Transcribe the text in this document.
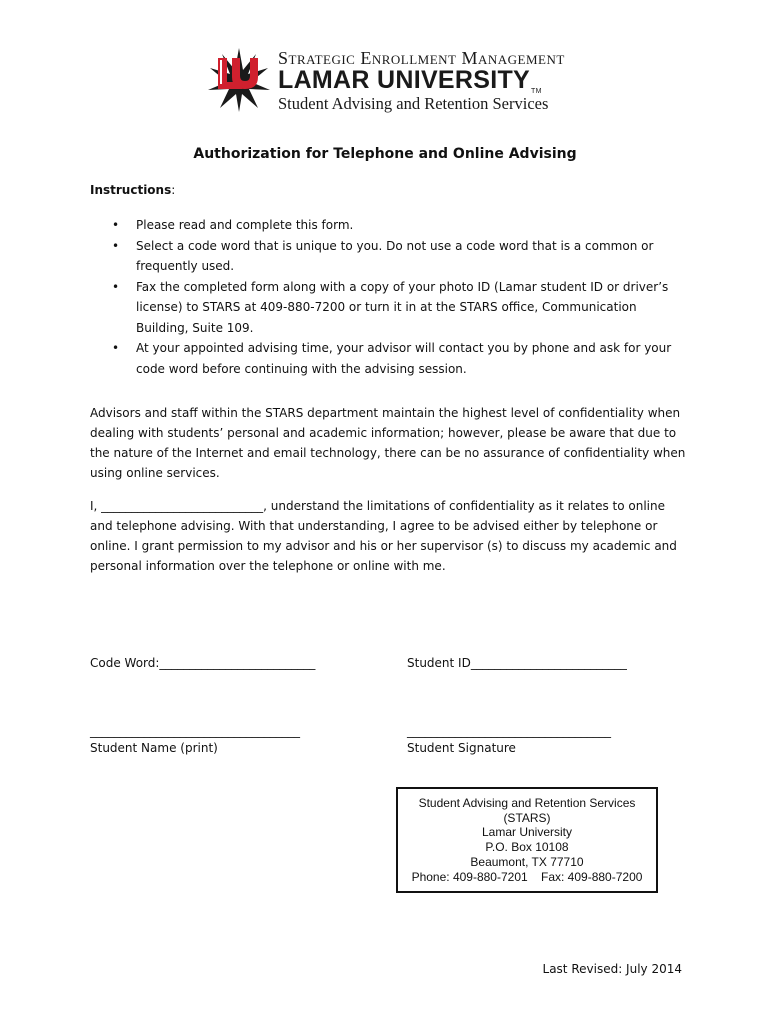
Strategic Enrollment Management
LAMAR UNIVERSITYTM
Student Advising and Retention Services
Authorization for Telephone and Online Advising
Instructions:
• Please read and complete this form.
• Select a code word that is unique to you. Do not use a code word that is a common or frequently used.
• Fax the completed form along with a copy of your photo ID (Lamar student ID or driver’s license) to STARS at 409-880-7200 or turn it in at the STARS office, Communication Building, Suite 109.
• At your appointed advising time, your advisor will contact you by phone and ask for your code word before continuing with the advising session.

Advisors and staff within the STARS department maintain the highest level of confidentiality when dealing with students’ personal and academic information; however, please be aware that due to the nature of the Internet and email technology, there can be no assurance of confidentiality when using online services.

I, ___________________________, understand the limitations of confidentiality as it relates to online and telephone advising. With that understanding, I agree to be advised either by telephone or online. I grant permission to my advisor and his or her supervisor (s) to discuss my academic and personal information over the telephone or online with me.

Code Word:__________________________	Student ID__________________________
___________________________________
Student Name (print)
__________________________________
Student Signature
Student Advising and Retention Services
(STARS)
Lamar University
P.O. Box 10108
Beaumont, TX 77710
Phone: 409-880-7201    Fax: 409-880-7200
Last Revised: July 2014
